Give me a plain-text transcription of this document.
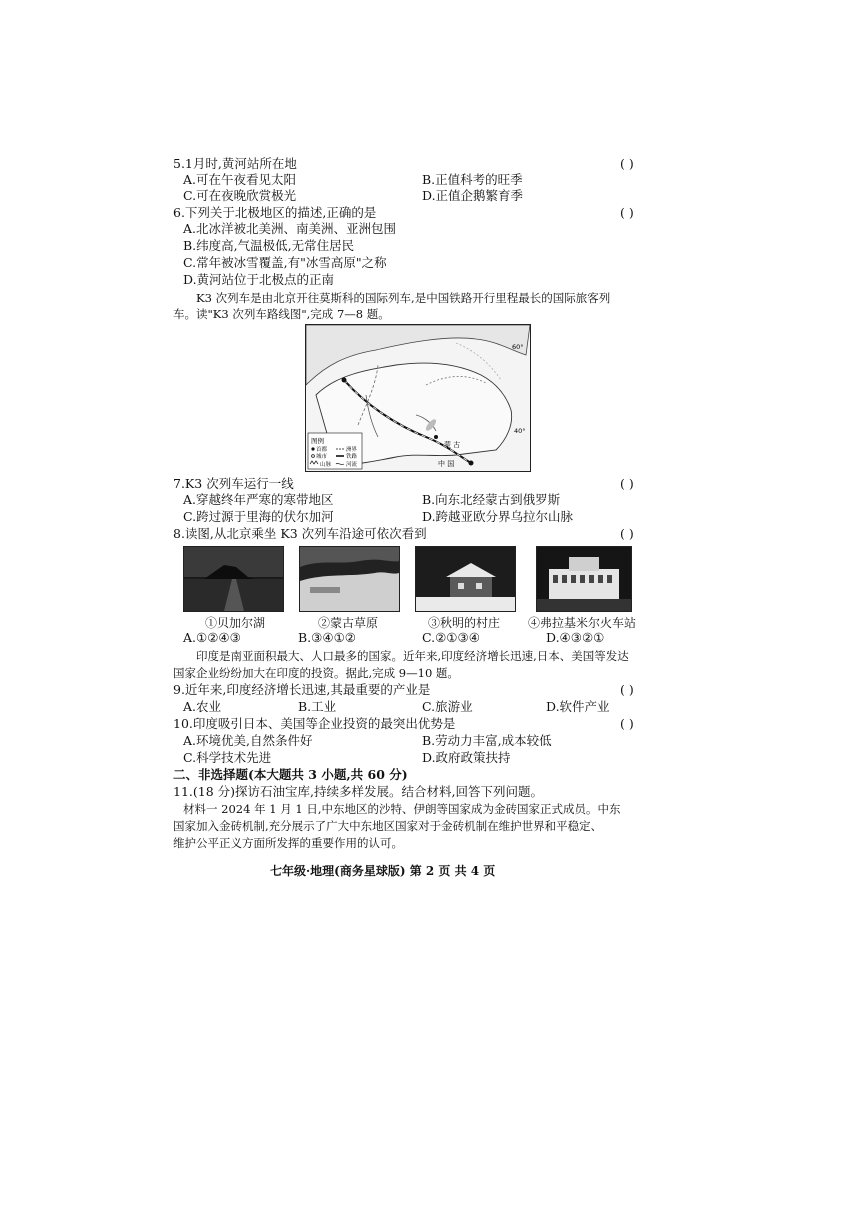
5.1月时,黄河站所在地	( )
A.可在午夜看见太阳	B.正值科考的旺季
C.可在夜晚欣赏极光	D.正值企鹅繁育季
6.下列关于北极地区的描述,正确的是	( )
A.北冰洋被北美洲、南美洲、亚洲包围
B.纬度高,气温极低,无常住居民
C.常年被冰雪覆盖,有"冰雪高原"之称
D.黄河站位于北极点的正南
K3 次列车是由北京开往莫斯科的国际列车,是中国铁路开行里程最长的国际旅客列
车。读"K3 次列车路线图",完成 7—8 题。
图例
首都
城市
山脉
洲界
铁路
河流
蒙 古
中 国
60°
40°
7.K3 次列车运行一线	( )
A.穿越终年严寒的寒带地区	B.向东北经蒙古到俄罗斯
C.跨过源于里海的伏尔加河	D.跨越亚欧分界乌拉尔山脉
8.读图,从北京乘坐 K3 次列车沿途可依次看到	( )
①贝加尔湖	②蒙古草原	③秋明的村庄 ④弗拉基米尔火车站
A.①②④③	B.③④①②	C.②①③④	D.④③②①
印度是南亚面积最大、人口最多的国家。近年来,印度经济增长迅速,日本、美国等发达
国家企业纷纷加大在印度的投资。据此,完成 9—10 题。
9.近年来,印度经济增长迅速,其最重要的产业是	( )
A.农业	B.工业	C.旅游业	D.软件产业
10.印度吸引日本、美国等企业投资的最突出优势是	( )
A.环境优美,自然条件好	B.劳动力丰富,成本较低
C.科学技术先进	D.政府政策扶持
二、非选择题(本大题共 3 小题,共 60 分)
11.(18 分)探访石油宝库,持续多样发展。结合材料,回答下列问题。
材料一 2024 年 1 月 1 日,中东地区的沙特、伊朗等国家成为金砖国家正式成员。中东
国家加入金砖机制,充分展示了广大中东地区国家对于金砖机制在维护世界和平稳定、
维护公平正义方面所发挥的重要作用的认可。
七年级·地理(商务星球版) 第 2 页 共 4 页
